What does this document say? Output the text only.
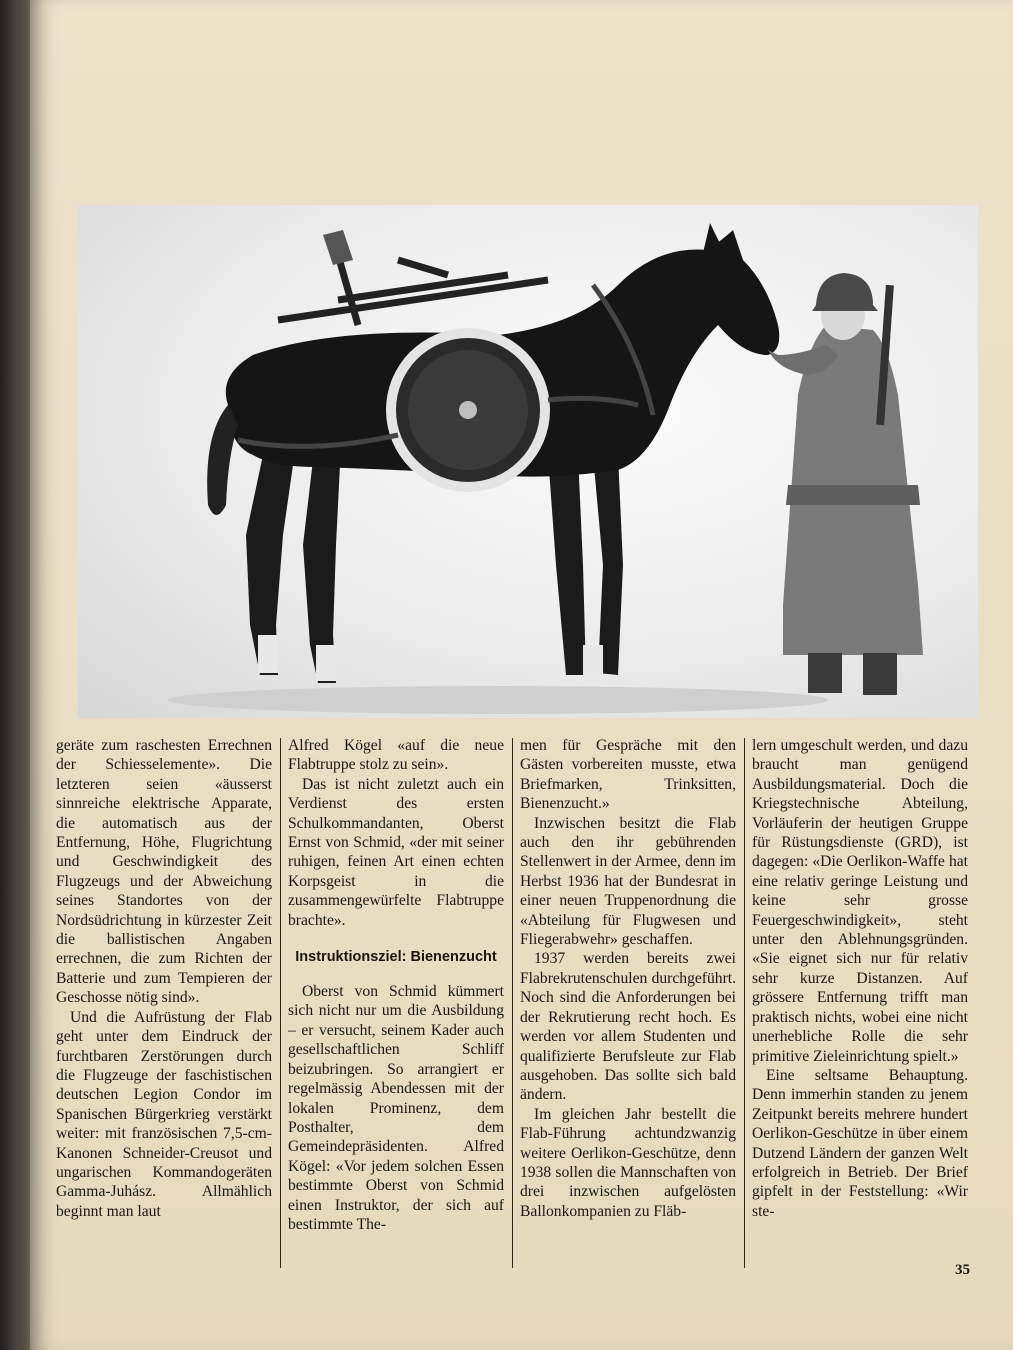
geräte zum raschesten Errechnen der Schiesselemente». Die letzteren seien «äusserst sinnreiche elektrische Apparate, die automatisch aus der Entfernung, Höhe, Flugrichtung und Geschwindigkeit des Flugzeugs und der Abweichung seines Standortes von der Nordsüdrichtung in kürzester Zeit die ballistischen Angaben errechnen, die zum Richten der Batterie und zum Tempieren der Geschosse nötig sind».

Und die Aufrüstung der Flab geht unter dem Eindruck der furchtbaren Zerstörungen durch die Flugzeuge der faschistischen deutschen Legion Condor im Spanischen Bürgerkrieg verstärkt weiter: mit französischen 7,5-cm-Kanonen Schneider-Creusot und ungarischen Kommandogeräten Gamma-Juhász. Allmählich beginnt man laut

Alfred Kögel «auf die neue Flabtruppe stolz zu sein».

Das ist nicht zuletzt auch ein Verdienst des ersten Schulkommandanten, Oberst Ernst von Schmid, «der mit seiner ruhigen, feinen Art einen echten Korpsgeist in die zusammengewürfelte Flabtruppe brachte».

Instruktionsziel: Bienenzucht

Oberst von Schmid kümmert sich nicht nur um die Ausbildung – er versucht, seinem Kader auch gesellschaftlichen Schliff beizubringen. So arrangiert er regelmässig Abendessen mit der lokalen Prominenz, dem Posthalter, dem Gemeindepräsidenten. Alfred Kögel: «Vor jedem solchen Essen bestimmte Oberst von Schmid einen Instruktor, der sich auf bestimmte The-

men für Gespräche mit den Gästen vorbereiten musste, etwa Briefmarken, Trinksitten, Bienenzucht.»

Inzwischen besitzt die Flab auch den ihr gebührenden Stellenwert in der Armee, denn im Herbst 1936 hat der Bundesrat in einer neuen Truppenordnung die «Abteilung für Flugwesen und Fliegerabwehr» geschaffen.

1937 werden bereits zwei Flabrekrutenschulen durchgeführt. Noch sind die Anforderungen bei der Rekrutierung recht hoch. Es werden vor allem Studenten und qualifizierte Berufsleute zur Flab ausgehoben. Das sollte sich bald ändern.

Im gleichen Jahr bestellt die Flab-Führung achtundzwanzig weitere Oerlikon-Geschütze, denn 1938 sollen die Mannschaften von drei inzwischen aufgelösten Ballonkompanien zu Fläb-

lern umgeschult werden, und dazu braucht man genügend Ausbildungsmaterial. Doch die Kriegstechnische Abteilung, Vorläuferin der heutigen Gruppe für Rüstungsdienste (GRD), ist dagegen: «Die Oerlikon-Waffe hat eine relativ geringe Leistung und keine sehr grosse Feuergeschwindigkeit», steht unter den Ablehnungsgründen. «Sie eignet sich nur für relativ sehr kurze Distanzen. Auf grössere Entfernung trifft man praktisch nichts, wobei eine nicht unerhebliche Rolle die sehr primitive Zieleinrichtung spielt.»

Eine seltsame Behauptung. Denn immerhin standen zu jenem Zeitpunkt bereits mehrere hundert Oerlikon-Geschütze in über einem Dutzend Ländern der ganzen Welt erfolgreich in Betrieb. Der Brief gipfelt in der Feststellung: «Wir ste-

35
